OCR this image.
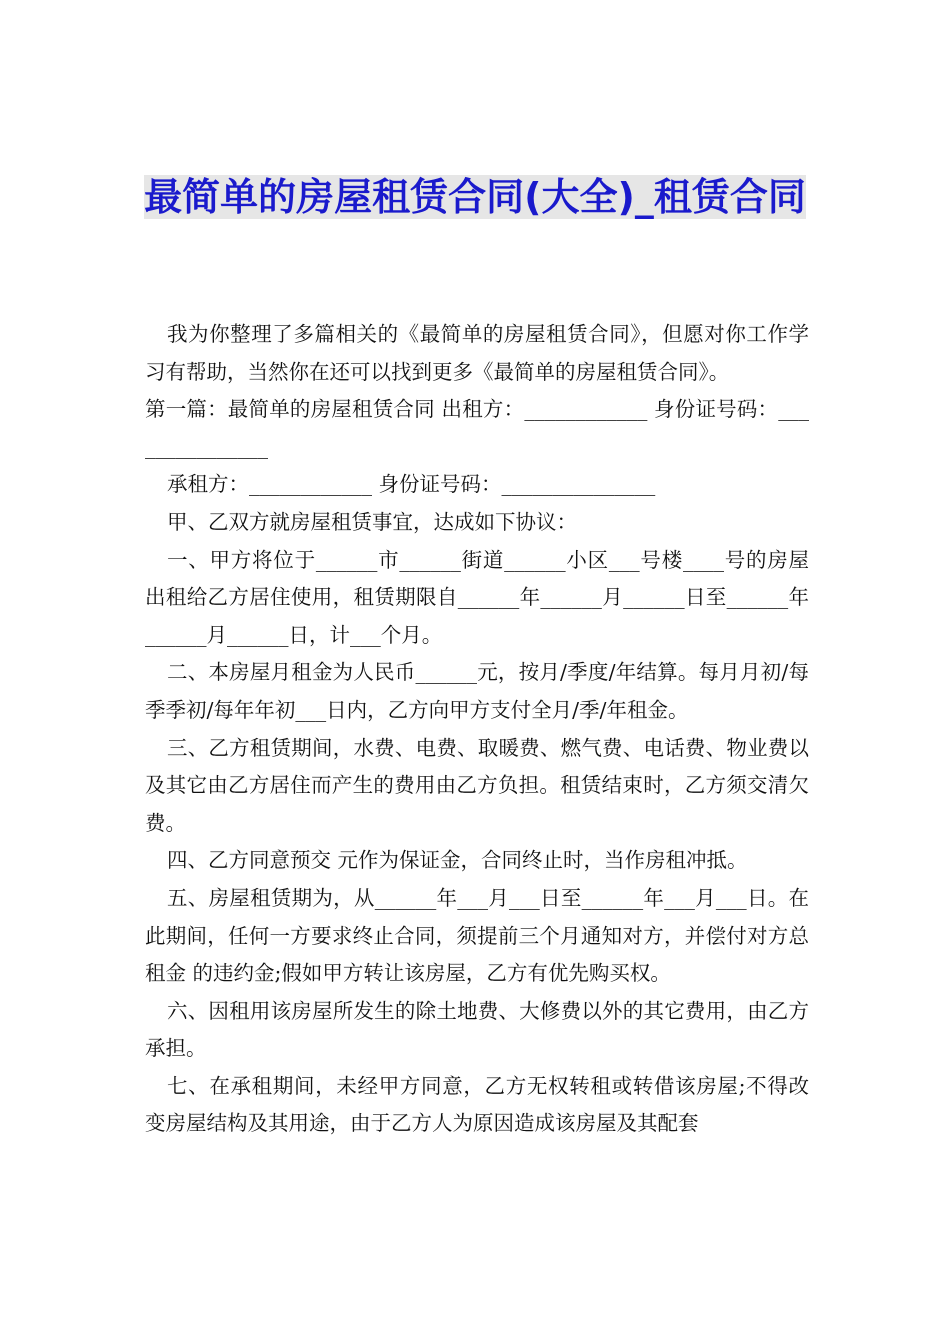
最简单的房屋租赁合同(大全)_租赁合同

我为你整理了多篇相关的《最简单的房屋租赁合同》，但愿对你工作学习有帮助，当然你在还可以找到更多《最简单的房屋租赁合同》。

第一篇：最简单的房屋租赁合同 出租方：____________ 身份证号码：_______________

承租方：____________ 身份证号码：_______________

甲、乙双方就房屋租赁事宜，达成如下协议：

一、甲方将位于______市______街道______小区___号楼____号的房屋出租给乙方居住使用，租赁期限自______年______月______日至______年______月______日，计___个月。

二、本房屋月租金为人民币______元，按月/季度/年结算。每月月初/每季季初/每年年初___日内，乙方向甲方支付全月/季/年租金。

三、乙方租赁期间，水费、电费、取暖费、燃气费、电话费、物业费以及其它由乙方居住而产生的费用由乙方负担。租赁结束时，乙方须交清欠费。

四、乙方同意预交 元作为保证金，合同终止时，当作房租冲抵。

五、房屋租赁期为，从______年___月___日至______年___月___日。在此期间，任何一方要求终止合同，须提前三个月通知对方，并偿付对方总租金 的违约金;假如甲方转让该房屋，乙方有优先购买权。

六、因租用该房屋所发生的除土地费、大修费以外的其它费用，由乙方承担。

七、在承租期间，未经甲方同意，乙方无权转租或转借该房屋;不得改变房屋结构及其用途，由于乙方人为原因造成该房屋及其配套
